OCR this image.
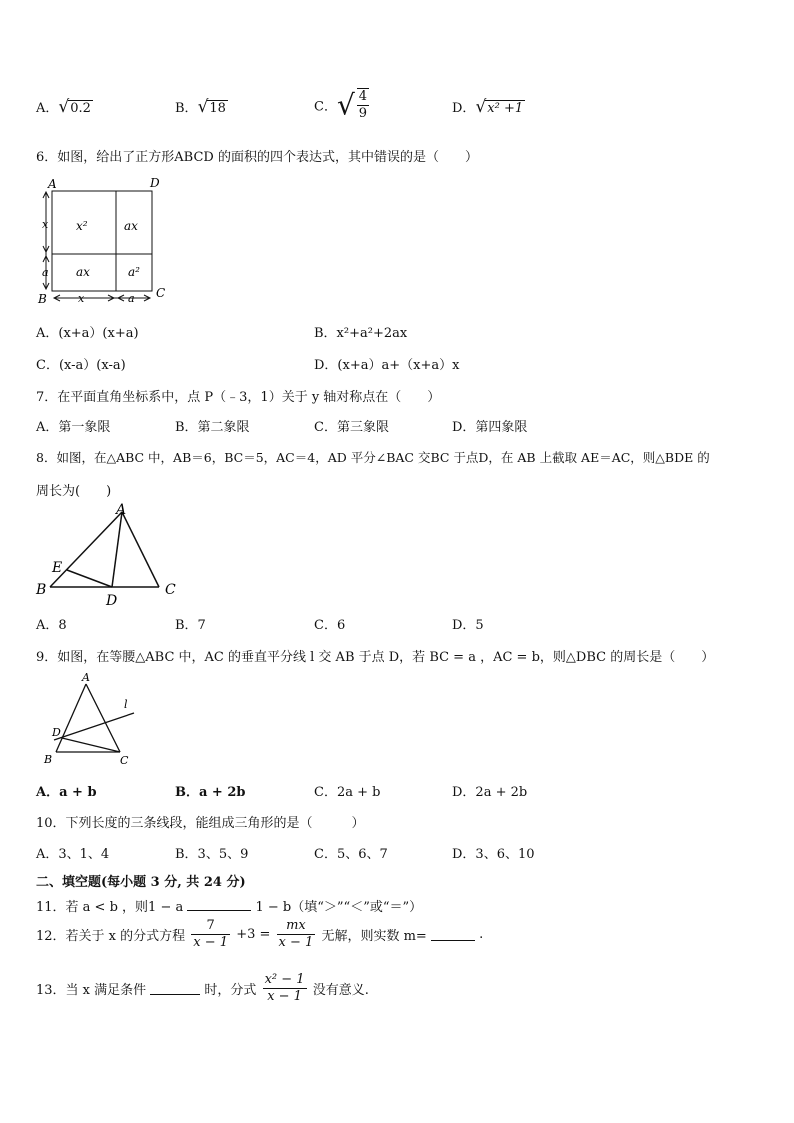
A．√0.2	B．√18	C．√ $\frac{4}{9}$	D．√x² +1
6．如图，给出了正方形ABCD 的面积的四个表达式，其中错误的是（　　）
A	D
B	C
x²	ax
ax	a²
x
a
x	a
A．(x+a）(x+a)	B．x²+a²+2ax
C．(x-a）(x-a)	D．(x+a）a+（x+a）x
7．在平面直角坐标系中，点 P（﹣3，1）关于 y 轴对称点在（　　）
A．第一象限	B．第二象限	C．第三象限	D．第四象限
8．如图，在△ABC 中，AB＝6，BC＝5，AC＝4，AD 平分∠BAC 交BC 于点D，在 AB 上截取 AE＝AC，则△BDE 的
周长为(　　)
A
B	C
D
E
A．8	B．7	C．6	D．5
9．如图，在等腰△ABC 中，AC 的垂直平分线 l 交 AB 于点 D，若 BC = a ，AC = b，则△DBC 的周长是（　　）
A
B	C
D
l
A．a + b	B．a + 2b	C．2a + b	D．2a + 2b
10．下列长度的三条线段，能组成三角形的是（　　　）
A．3、1、4	B．3、5、9	C．5、6、7	D．3、6、10
二、填空题(每小题 3 分, 共 24 分)
11．若 a < b ，则1 − a	1 − b（填“＞”“＜”或“＝”）
12．若关于 x 的分式方程 $\frac{7}{x - 1} +3 = \frac{mx}{x - 1}$ 无解，则实数 m=	.
13．当 x 满足条件	时，分式 $\frac{\text{x² − 1}}{x - 1}$ 没有意义.
